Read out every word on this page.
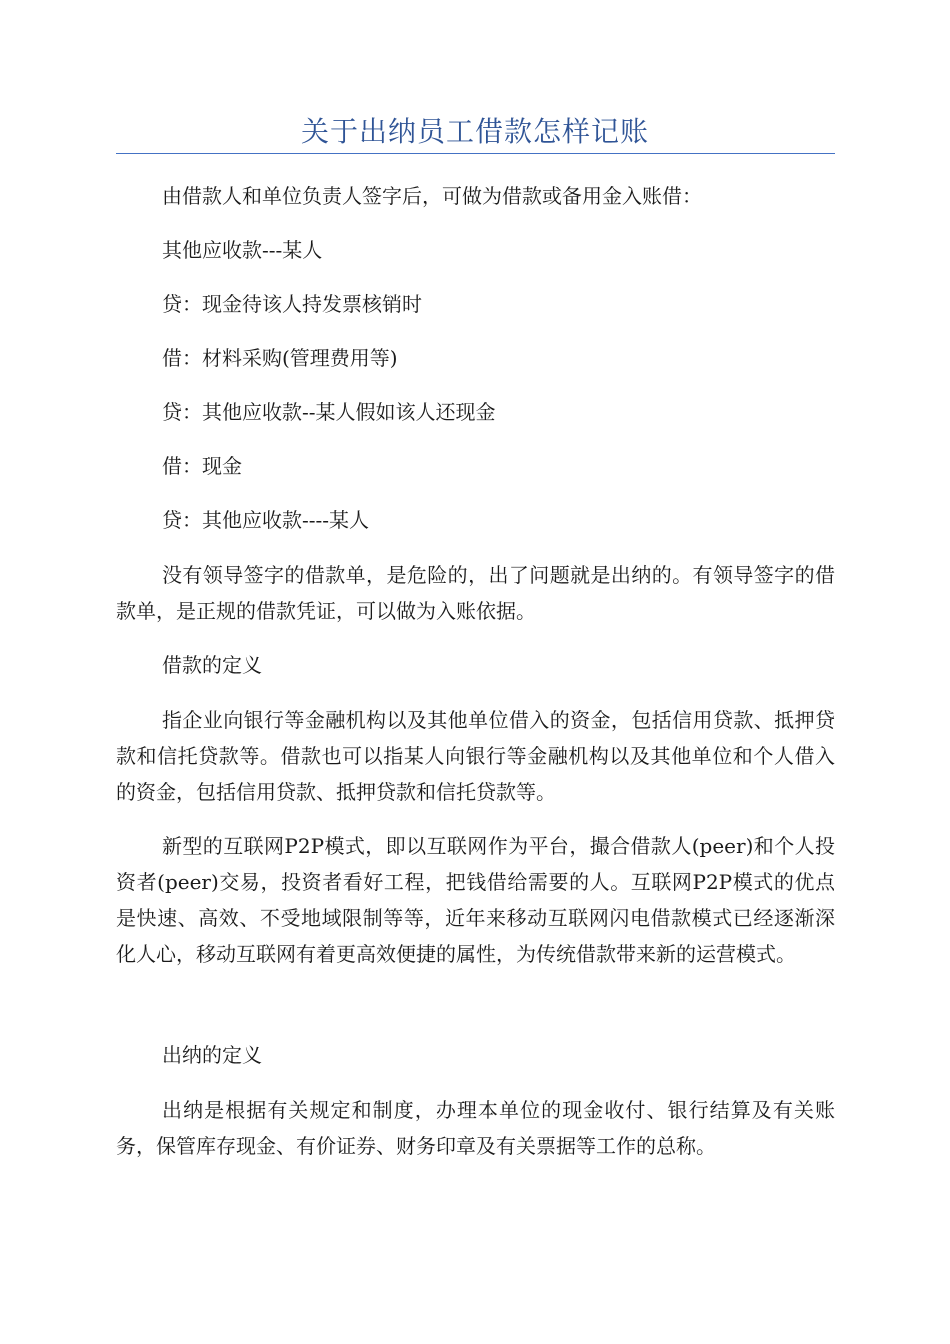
关于出纳员工借款怎样记账

由借款人和单位负责人签字后，可做为借款或备用金入账借：

其他应收款---某人

贷：现金待该人持发票核销时

借：材料采购(管理费用等)

贷：其他应收款--某人假如该人还现金

借：现金

贷：其他应收款----某人

没有领导签字的借款单，是危险的，出了问题就是出纳的。有领导签字的借款单，是正规的借款凭证，可以做为入账依据。

借款的定义

指企业向银行等金融机构以及其他单位借入的资金，包括信用贷款、抵押贷款和信托贷款等。借款也可以指某人向银行等金融机构以及其他单位和个人借入的资金，包括信用贷款、抵押贷款和信托贷款等。

新型的互联网P2P模式，即以互联网作为平台，撮合借款人(peer)和个人投资者(peer)交易，投资者看好工程，把钱借给需要的人。互联网P2P模式的优点是快速、高效、不受地域限制等等，近年来移动互联网闪电借款模式已经逐渐深化人心，移动互联网有着更高效便捷的属性，为传统借款带来新的运营模式。

出纳的定义

出纳是根据有关规定和制度，办理本单位的现金收付、银行结算及有关账务，保管库存现金、有价证券、财务印章及有关票据等工作的总称。
